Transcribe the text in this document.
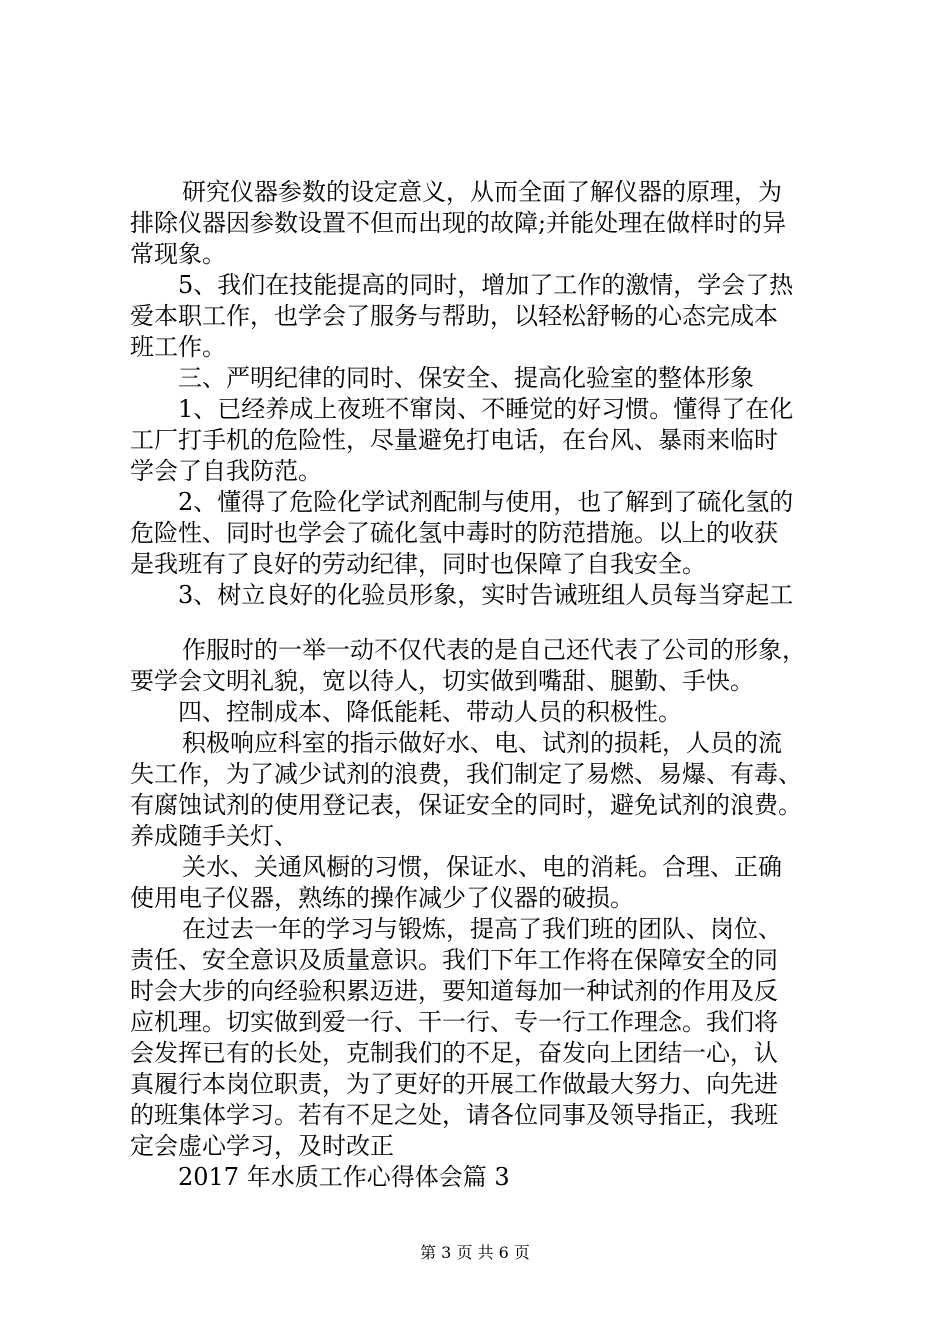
研究仪器参数的设定意义，从而全面了解仪器的原理，为
排除仪器因参数设置不但而出现的故障;并能处理在做样时的异
常现象。
5、我们在技能提高的同时，增加了工作的激情，学会了热
爱本职工作，也学会了服务与帮助，以轻松舒畅的心态完成本
班工作。
三、严明纪律的同时、保安全、提高化验室的整体形象
1、已经养成上夜班不窜岗、不睡觉的好习惯。懂得了在化
工厂打手机的危险性，尽量避免打电话，在台风、暴雨来临时
学会了自我防范。
2、懂得了危险化学试剂配制与使用，也了解到了硫化氢的
危险性、同时也学会了硫化氢中毒时的防范措施。以上的收获
是我班有了良好的劳动纪律，同时也保障了自我安全。
3、树立良好的化验员形象，实时告诫班组人员每当穿起工
作服时的一举一动不仅代表的是自己还代表了公司的形象，
要学会文明礼貌，宽以待人，切实做到嘴甜、腿勤、手快。
四、控制成本、降低能耗、带动人员的积极性。
积极响应科室的指示做好水、电、试剂的损耗，人员的流
失工作，为了减少试剂的浪费，我们制定了易燃、易爆、有毒、
有腐蚀试剂的使用登记表，保证安全的同时，避免试剂的浪费。
养成随手关灯、
关水、关通风橱的习惯，保证水、电的消耗。合理、正确
使用电子仪器，熟练的操作减少了仪器的破损。
在过去一年的学习与锻炼，提高了我们班的团队、岗位、
责任、安全意识及质量意识。我们下年工作将在保障安全的同
时会大步的向经验积累迈进，要知道每加一种试剂的作用及反
应机理。切实做到爱一行、干一行、专一行工作理念。我们将
会发挥已有的长处，克制我们的不足，奋发向上团结一心，认
真履行本岗位职责，为了更好的开展工作做最大努力、向先进
的班集体学习。若有不足之处，请各位同事及领导指正，我班
定会虚心学习，及时改正
2017 年水质工作心得体会篇 3
第 3 页 共 6 页
